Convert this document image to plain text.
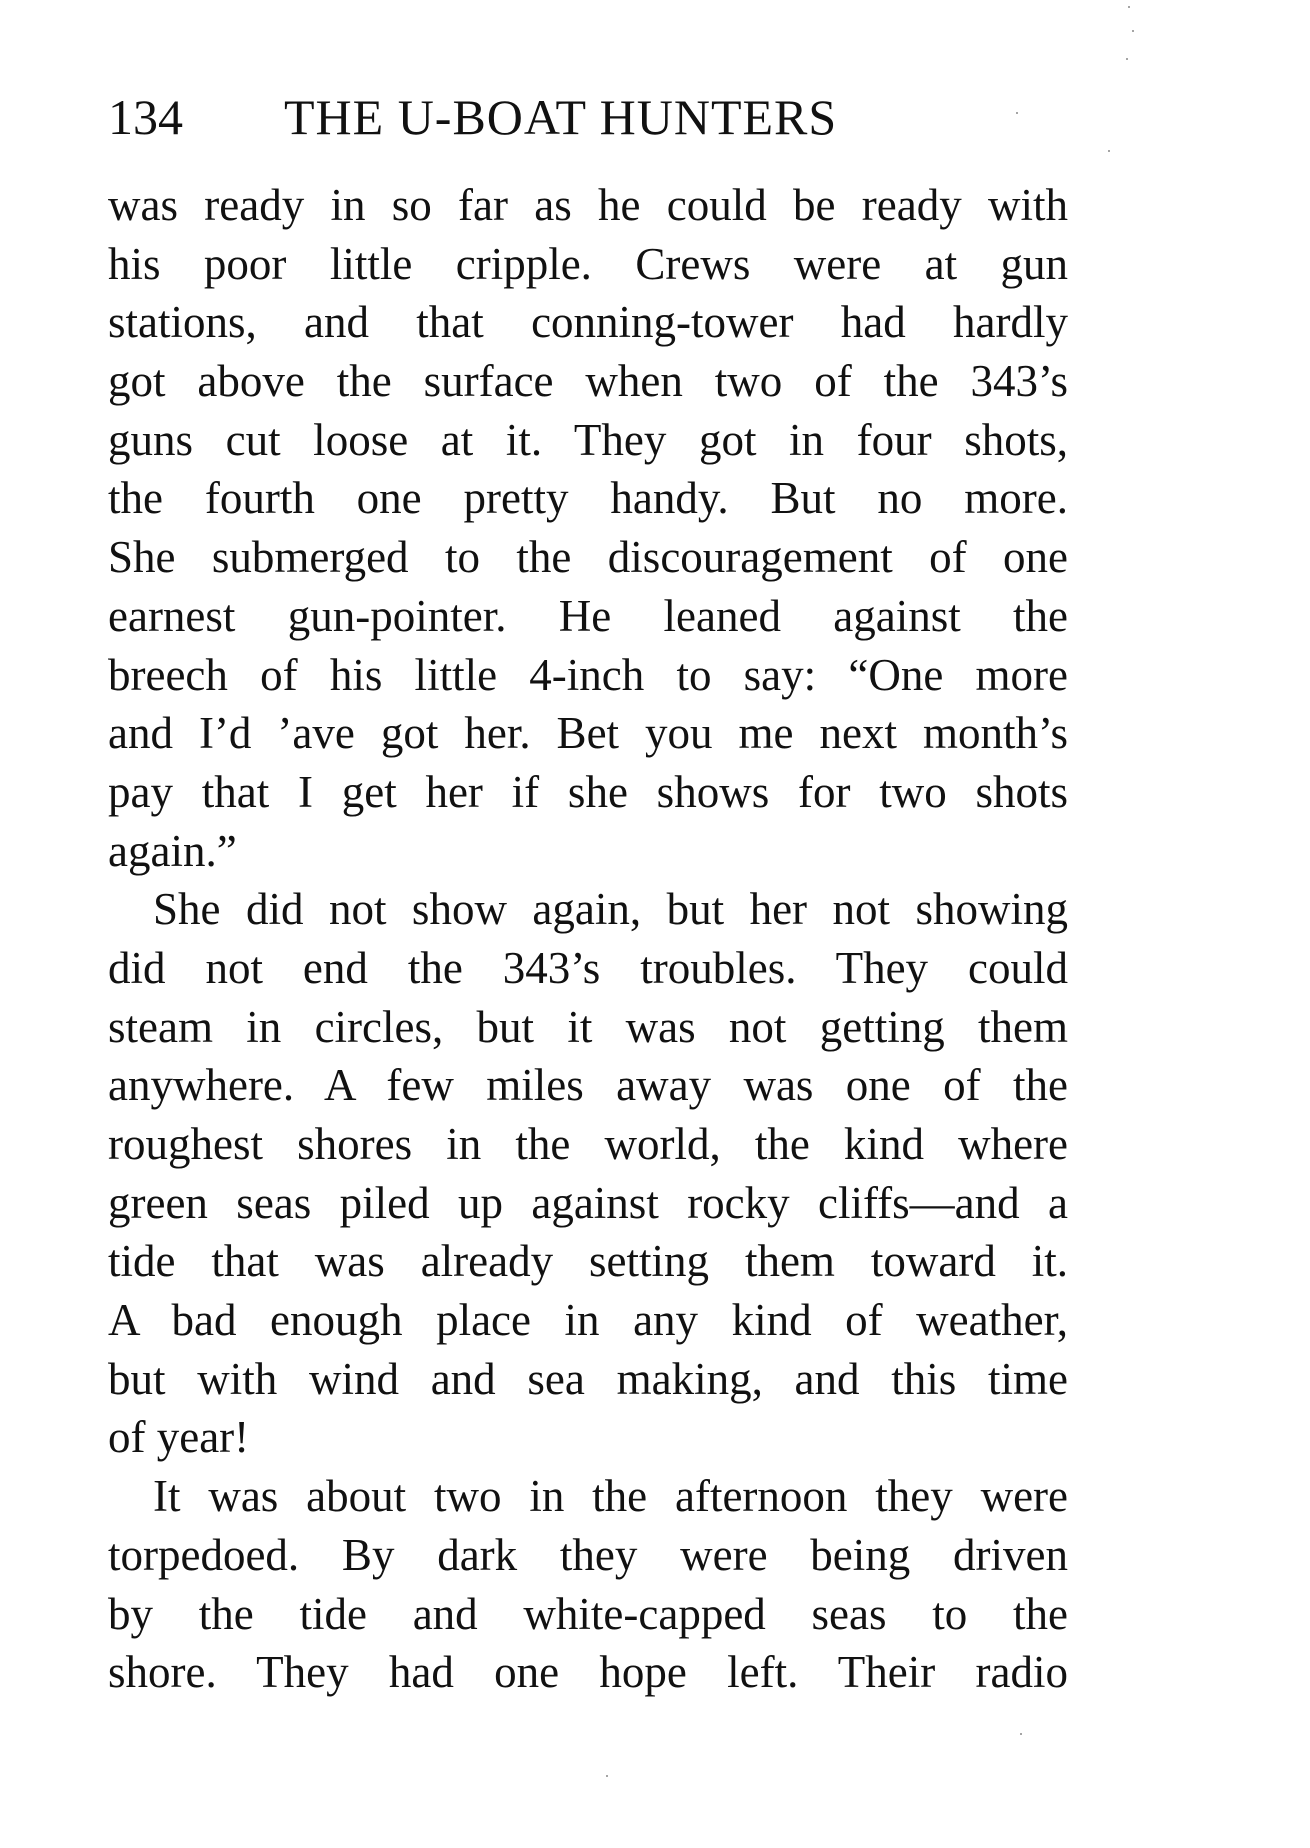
134 THE U-BOAT HUNTERS
was ready in so far as he could be ready with
his poor little cripple. Crews were at gun
stations, and that conning-tower had hardly
got above the surface when two of the 343’s
guns cut loose at it. They got in four shots,
the fourth one pretty handy. But no more.
She submerged to the discouragement of one
earnest gun-pointer. He leaned against the
breech of his little 4-inch to say: “One more
and I’d ’ave got her. Bet you me next month’s
pay that I get her if she shows for two shots
again.”
She did not show again, but her not showing
did not end the 343’s troubles. They could
steam in circles, but it was not getting them
anywhere. A few miles away was one of the
roughest shores in the world, the kind where
green seas piled up against rocky cliffs—and a
tide that was already setting them toward it.
A bad enough place in any kind of weather,
but with wind and sea making, and this time
of year!
It was about two in the afternoon they were
torpedoed. By dark they were being driven
by the tide and white-capped seas to the
shore. They had one hope left. Their radio
